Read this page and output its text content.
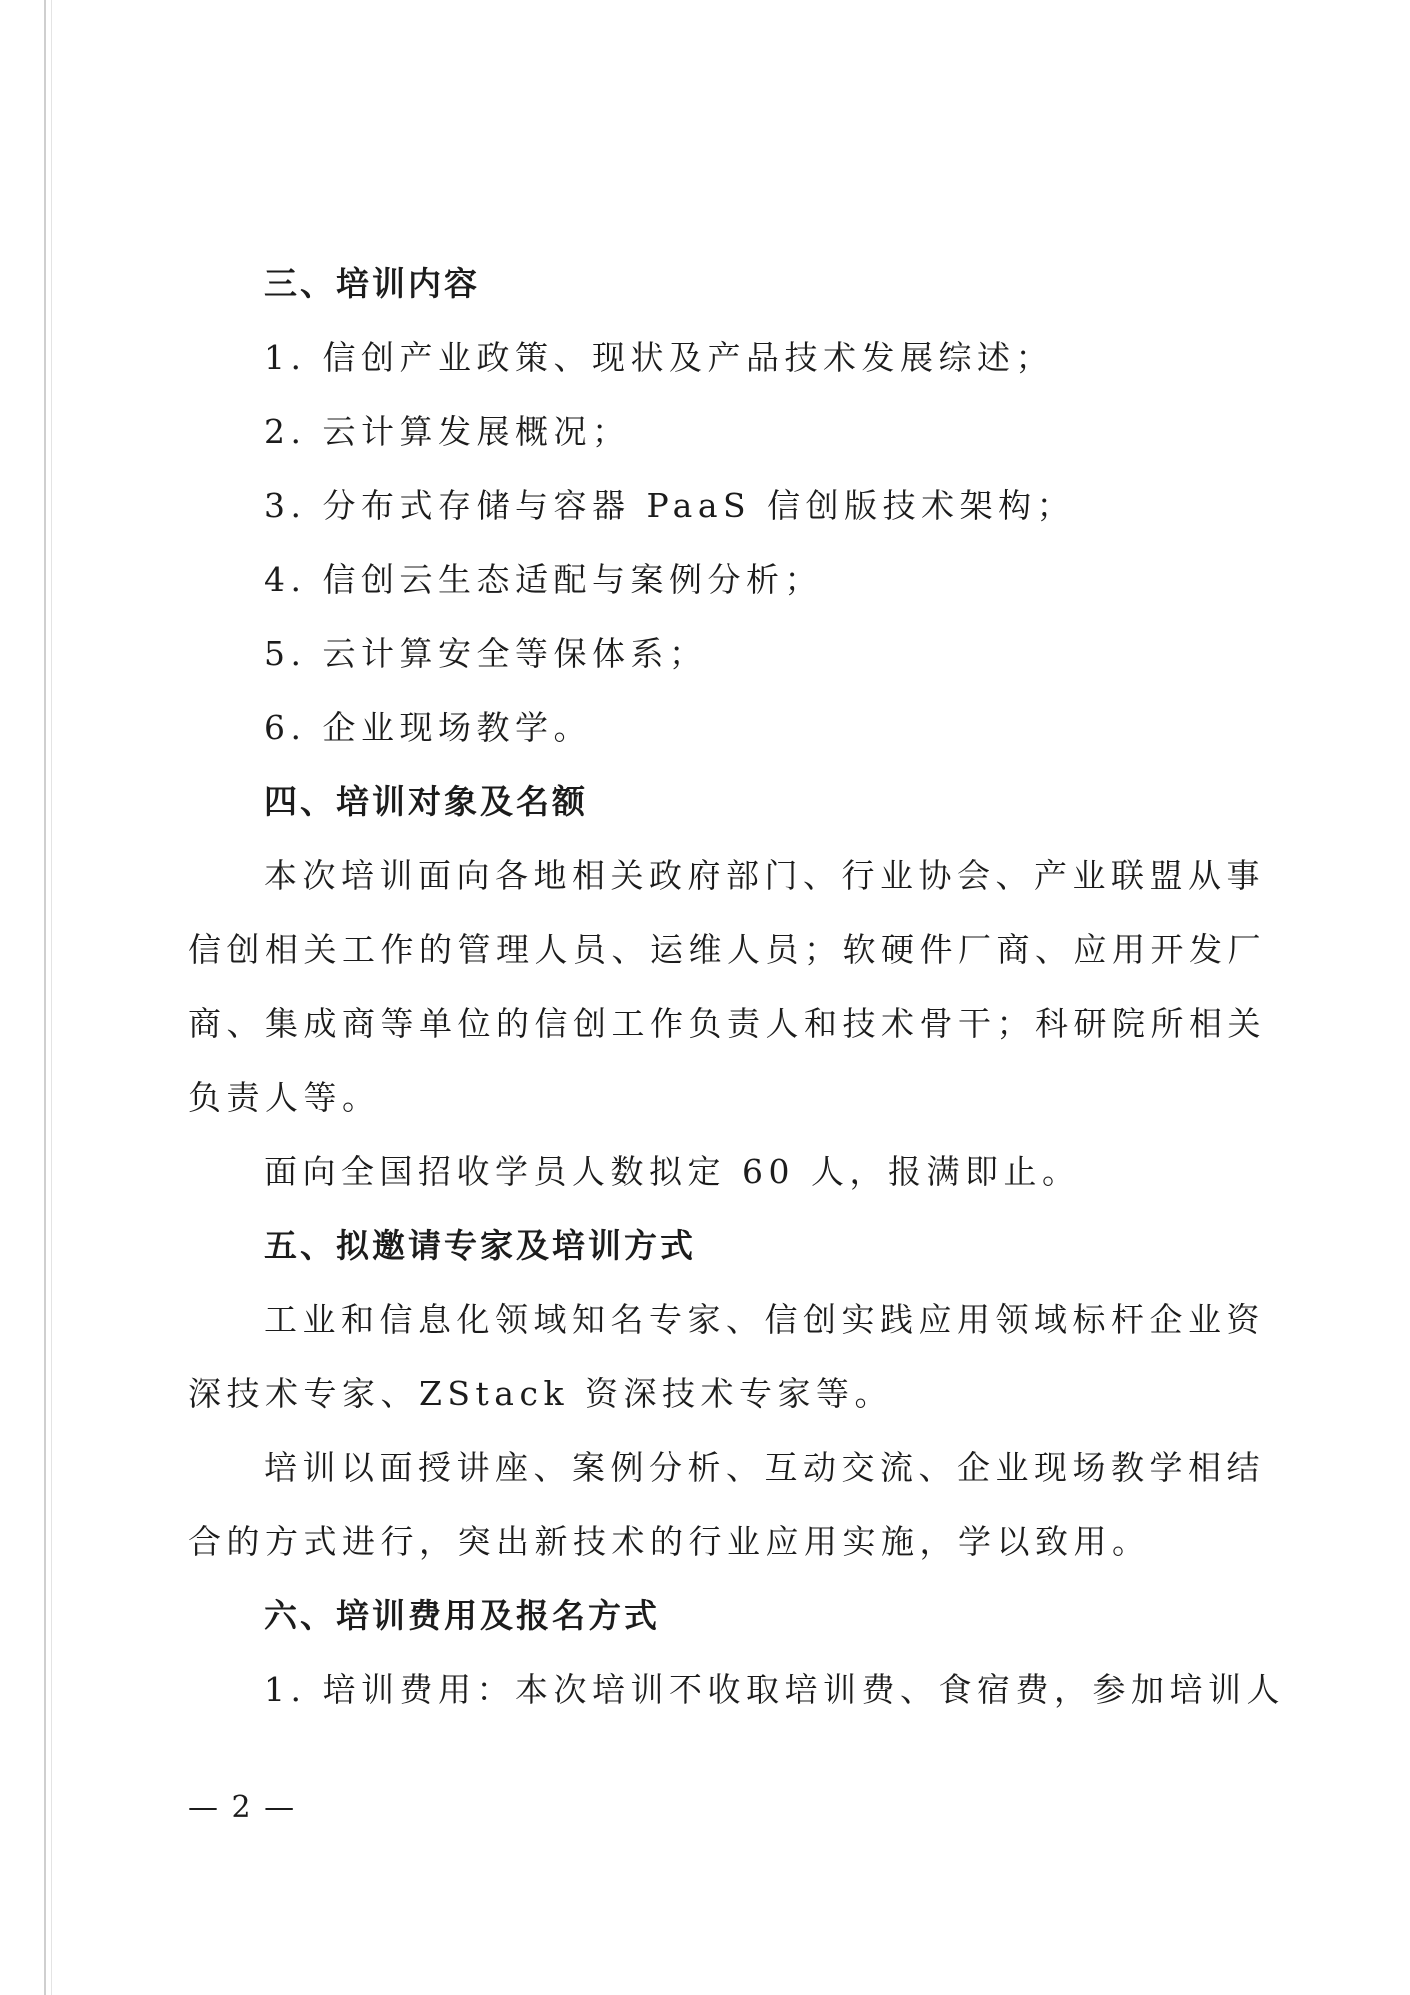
三、培训内容
1. 信创产业政策、现状及产品技术发展综述；
2. 云计算发展概况；
3. 分布式存储与容器 PaaS 信创版技术架构；
4. 信创云生态适配与案例分析；
5. 云计算安全等保体系；
6. 企业现场教学。
四、培训对象及名额
本次培训面向各地相关政府部门、行业协会、产业联盟从事
信创相关工作的管理人员、运维人员；软硬件厂商、应用开发厂
商、集成商等单位的信创工作负责人和技术骨干；科研院所相关
负责人等。
面向全国招收学员人数拟定 60 人，报满即止。
五、拟邀请专家及培训方式
工业和信息化领域知名专家、信创实践应用领域标杆企业资
深技术专家、ZStack 资深技术专家等。
培训以面授讲座、案例分析、互动交流、企业现场教学相结
合的方式进行，突出新技术的行业应用实施，学以致用。
六、培训费用及报名方式
1. 培训费用：本次培训不收取培训费、食宿费，参加培训人
— 2 —
